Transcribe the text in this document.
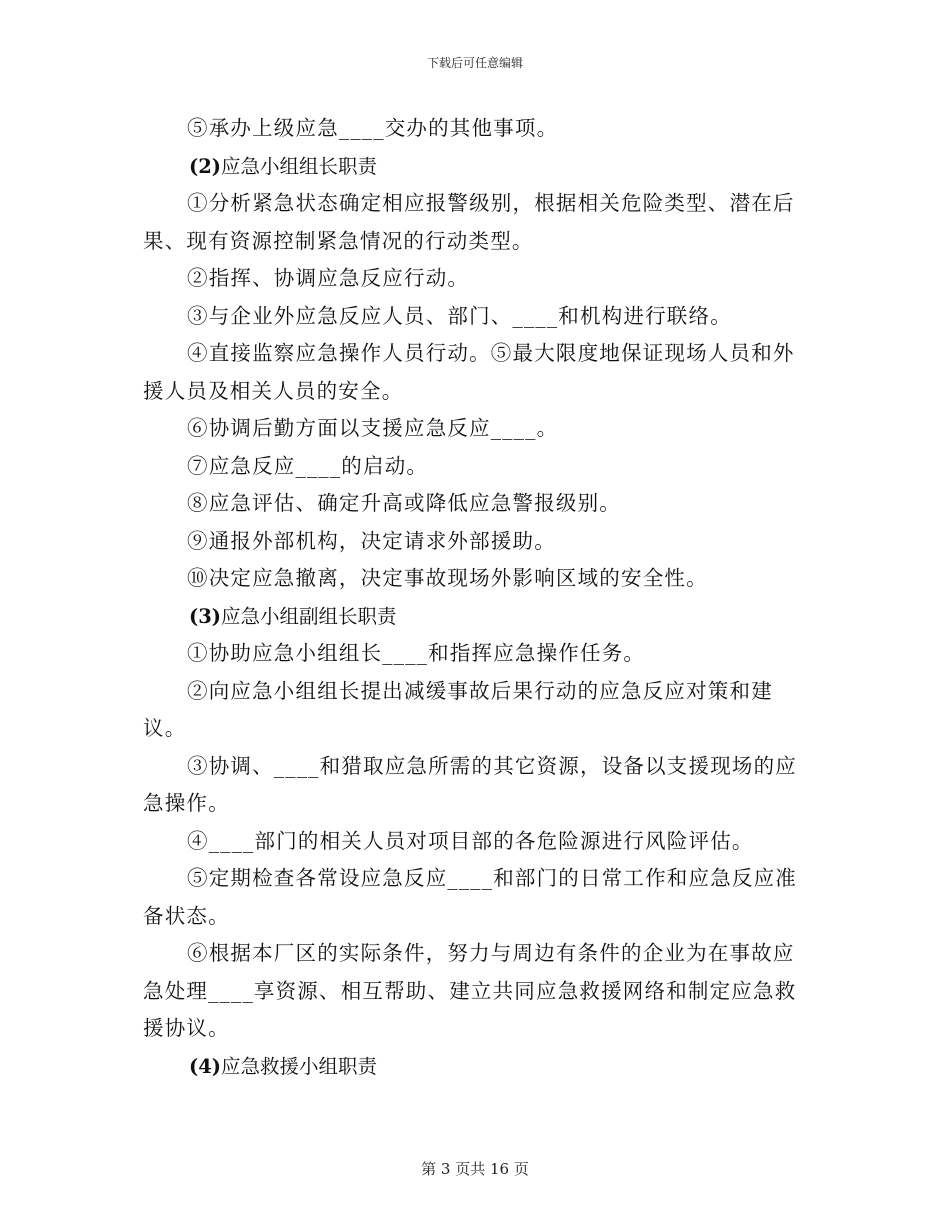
下载后可任意编辑

⑤承办上级应急____交办的其他事项。

(2)应急小组组长职责

①分析紧急状态确定相应报警级别，根据相关危险类型、潜在后果、现有资源控制紧急情况的行动类型。

②指挥、协调应急反应行动。

③与企业外应急反应人员、部门、____和机构进行联络。

④直接监察应急操作人员行动。⑤最大限度地保证现场人员和外援人员及相关人员的安全。

⑥协调后勤方面以支援应急反应____。

⑦应急反应____的启动。

⑧应急评估、确定升高或降低应急警报级别。

⑨通报外部机构，决定请求外部援助。

⑩决定应急撤离，决定事故现场外影响区域的安全性。

(3)应急小组副组长职责

①协助应急小组组长____和指挥应急操作任务。

②向应急小组组长提出减缓事故后果行动的应急反应对策和建议。

③协调、____和猎取应急所需的其它资源，设备以支援现场的应急操作。

④____部门的相关人员对项目部的各危险源进行风险评估。

⑤定期检查各常设应急反应____和部门的日常工作和应急反应准备状态。

⑥根据本厂区的实际条件，努力与周边有条件的企业为在事故应急处理____享资源、相互帮助、建立共同应急救援网络和制定应急救援协议。

(4)应急救援小组职责

第 3 页共 16 页
